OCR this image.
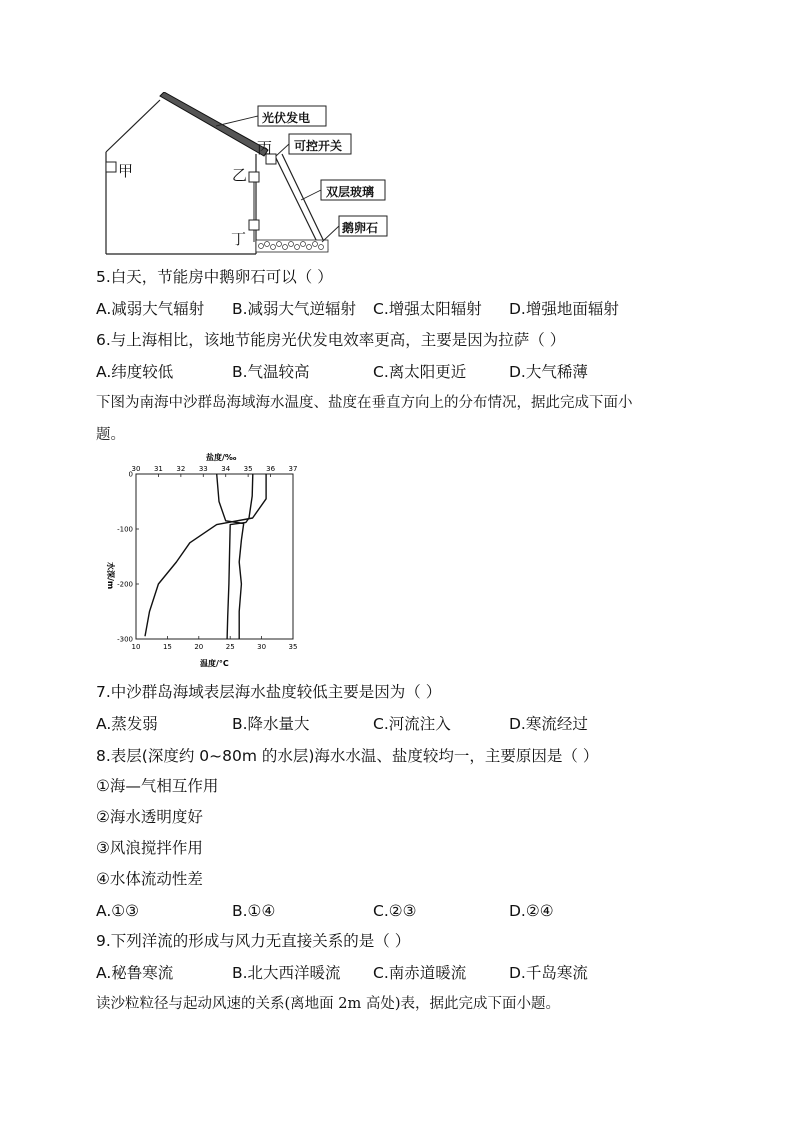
光伏发电
可控开关
双层玻璃
鹅卵石
甲
丙
乙
丁
5.白天，节能房中鹅卵石可以（ ）
A.减弱大气辐射 B.减弱大气逆辐射 C.增强太阳辐射 D.增强地面辐射
6.与上海相比，该地节能房光伏发电效率更高，主要是因为拉萨（ ）
A.纬度较低	B.气温较高	C.离太阳更近	D.大气稀薄
下图为南海中沙群岛海域海水温度、盐度在垂直方向上的分布情况，据此完成下面小
题。
30 31 32 33 34 35 36 37
10	15	20	25	30	35
0
-100
-200
-300
盐度/‰
温度/°C
水深/m
7.中沙群岛海域表层海水盐度较低主要是因为（ ）
A.蒸发弱	B.降水量大	C.河流注入	D.寒流经过
8.表层(深度约 0~80m 的水层)海水水温、盐度较均一，主要原因是（ ）
①海—气相互作用
②海水透明度好
③风浪搅拌作用
④水体流动性差
A.①③	B.①④	C.②③	D.②④
9.下列洋流的形成与风力无直接关系的是（ ）
A.秘鲁寒流	B.北大西洋暖流 C.南赤道暖流	D.千岛寒流
读沙粒粒径与起动风速的关系(离地面 2m 高处)表，据此完成下面小题。
